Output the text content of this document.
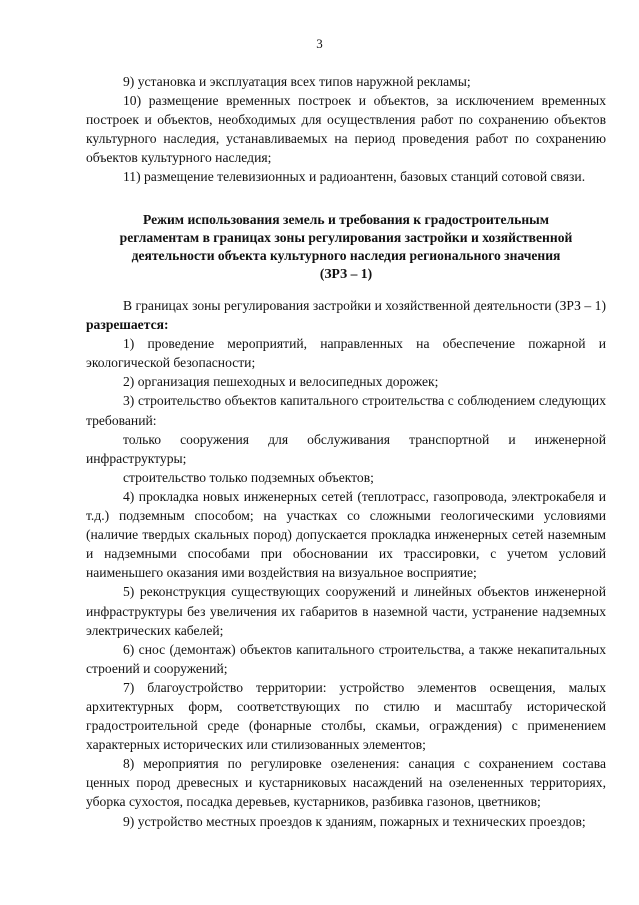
3

9) установка и эксплуатация всех типов наружной рекламы;

10) размещение временных построек и объектов, за исключением временных построек и объектов, необходимых для осуществления работ по сохранению объектов культурного наследия, устанавливаемых на период проведения работ по сохранению объектов культурного наследия;

11) размещение телевизионных и радиоантенн, базовых станций сотовой связи.

Режим использования земель и требования к градостроительным
регламентам в границах зоны регулирования застройки и хозяйственной
деятельности объекта культурного наследия регионального значения
(ЗРЗ – 1)

В границах зоны регулирования застройки и хозяйственной деятельности (ЗРЗ – 1) разрешается:

1) проведение мероприятий, направленных на обеспечение пожарной и экологической безопасности;

2) организация пешеходных и велосипедных дорожек;

3) строительство объектов капитального строительства с соблюдением следующих требований:

только сооружения для обслуживания транспортной и инженерной инфраструктуры;

строительство только подземных объектов;

4) прокладка новых инженерных сетей (теплотрасс, газопровода, электрокабеля и т.д.) подземным способом; на участках со сложными геологическими условиями (наличие твердых скальных пород) допускается прокладка инженерных сетей наземным и надземными способами при обосновании их трассировки, с учетом условий наименьшего оказания ими воздействия на визуальное восприятие;

5) реконструкция существующих сооружений и линейных объектов инженерной инфраструктуры без увеличения их габаритов в наземной части, устранение надземных электрических кабелей;

6) снос (демонтаж) объектов капитального строительства, а также некапитальных строений и сооружений;

7) благоустройство территории: устройство элементов освещения, малых архитектурных форм, соответствующих по стилю и масштабу исторической градостроительной среде (фонарные столбы, скамьи, ограждения) с применением характерных исторических или стилизованных элементов;

8) мероприятия по регулировке озеленения: санация с сохранением состава ценных пород древесных и кустарниковых насаждений на озелененных территориях, уборка сухостоя, посадка деревьев, кустарников, разбивка газонов, цветников;

9) устройство местных проездов к зданиям, пожарных и технических проездов;
